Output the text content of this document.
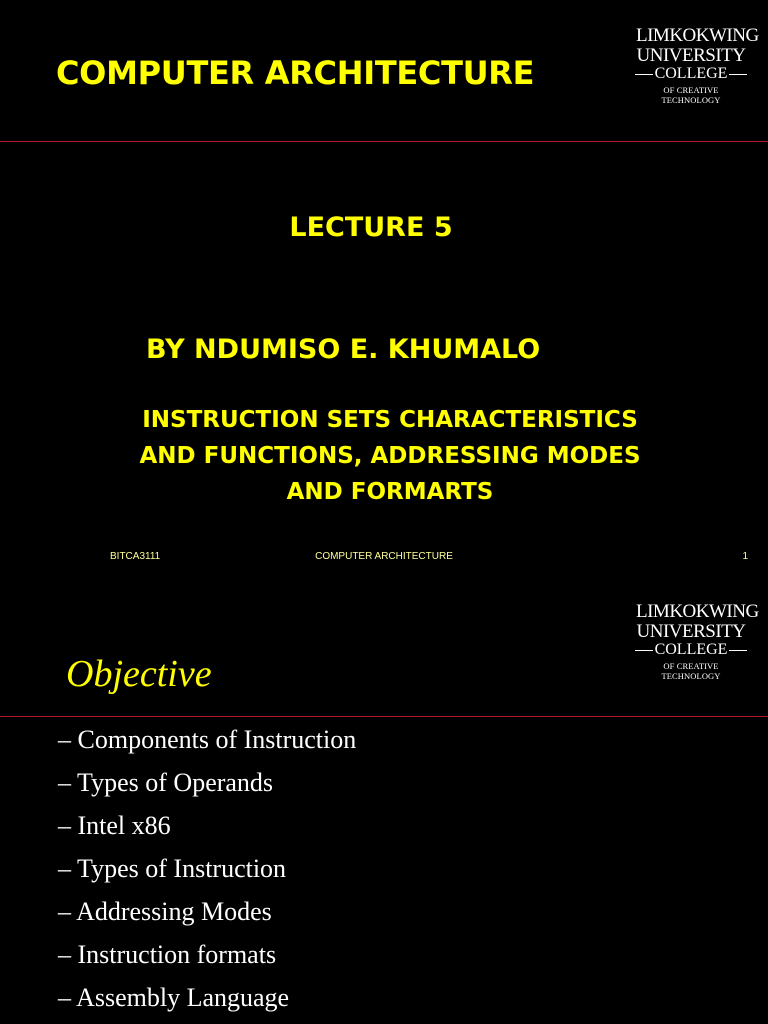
LIMKOKWING
UNIVERSITY
COLLEGE
OF CREATIVE TECHNOLOGY
COMPUTER ARCHITECTURE
LECTURE 5
BY NDUMISO E. KHUMALO
INSTRUCTION SETS CHARACTERISTICS
AND FUNCTIONS, ADDRESSING MODES
AND FORMARTS
BITCA3111	COMPUTER ARCHITECTURE	1
LIMKOKWING
UNIVERSITY
COLLEGE
OF CREATIVE TECHNOLOGY
Objective
– Components of Instruction
– Types of Operands
– Intel x86
– Types of Instruction
– Addressing Modes
– Instruction formats
– Assembly Language
